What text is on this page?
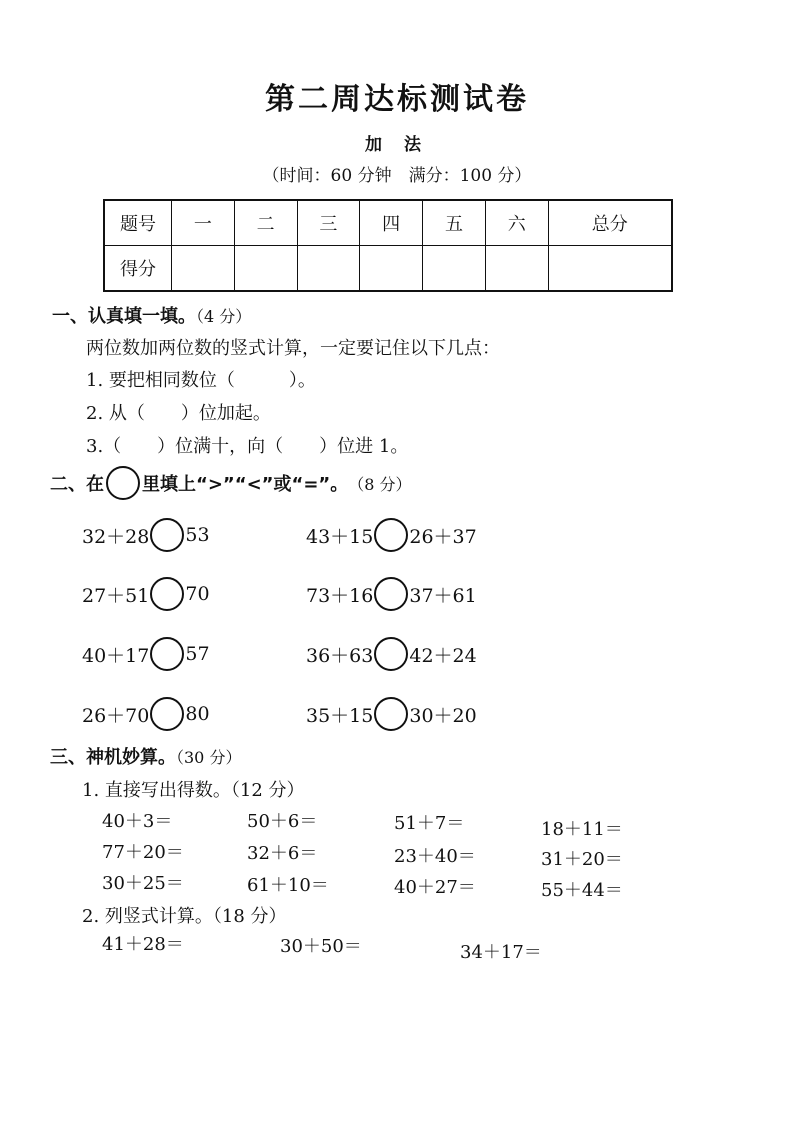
第二周达标测试卷
加 法
（时间：60 分钟　满分：100 分）
题号	一	二	三	四	五	六	总分
得分							
一、认真填一填。（4 分）
两位数加两位数的竖式计算，一定要记住以下几点：
1. 要把相同数位（　　　）。
2. 从（　　）位加起。
3.（　　）位满十，向（　　）位进 1。
二、在 里填上“>”“<”或“=”。 （8 分）
32＋28 53	43＋15 26＋37
27＋51 70	73＋16 37＋61
40＋17 57	36＋63 42＋24
26＋70 80	35＋15 30＋20
三、神机妙算。（30 分）
1. 直接写出得数。（12 分）
40＋3＝	50＋6＝	51＋7＝	18＋11＝
77＋20＝	32＋6＝	23＋40＝	31＋20＝
30＋25＝	61＋10＝	40＋27＝	55＋44＝
2. 列竖式计算。（18 分）
41＋28＝	30＋50＝	34＋17＝
